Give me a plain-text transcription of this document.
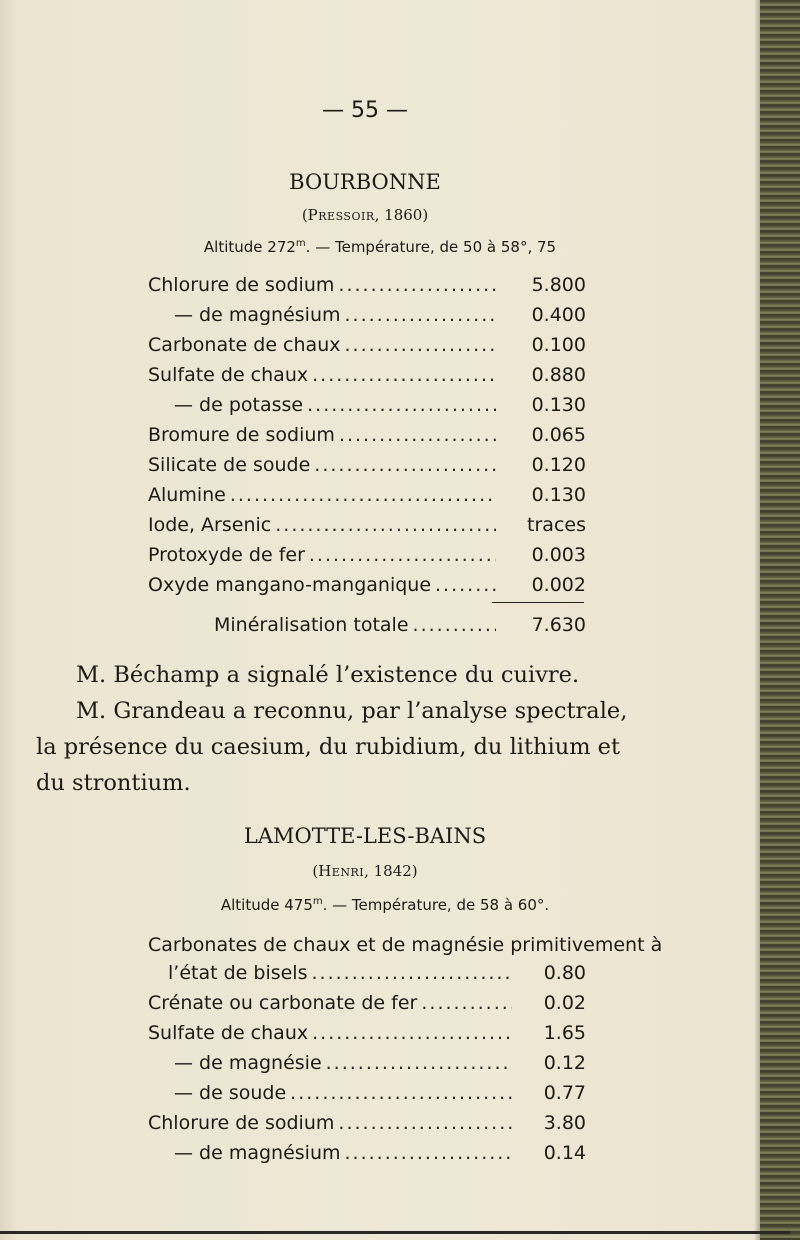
— 55 —
BOURBONNE
(Pressoir, 1860)
Altitude 272$^m$. — Température, de 50 à 58°, 75
Chlorure de sodium .....	5.800
— de magnésium .....	0.400
Carbonate de chaux .....	0.100
Sulfate de chaux .....	0.880
— de potasse .....	0.130
Bromure de sodium .....	0.065
Silicate de soude .....	0.120
Alumine .....	0.130
Iode, Arsenic .....	traces
Protoxyde de fer .....	0.003
Oxyde mangano-manganique .....	0.002
Minéralisation totale .....	7.630
M. Béchamp a signalé l’existence du cuivre.
M. Grandeau a reconnu, par l’analyse spectrale,
la présence du caesium, du rubidium, du lithium et
du strontium.
LAMOTTE-LES-BAINS
(Henri, 1842)
Altitude 475$^m$. — Température, de 58 à 60°.
Carbonates de chaux et de magnésie primitivement à
l’état de bisels .....	0.80
Crénate ou carbonate de fer .....	0.02
Sulfate de chaux .....	1.65
— de magnésie .....	0.12
— de soude .....	0.77
Chlorure de sodium .....	3.80
— de magnésium .....	0.14
